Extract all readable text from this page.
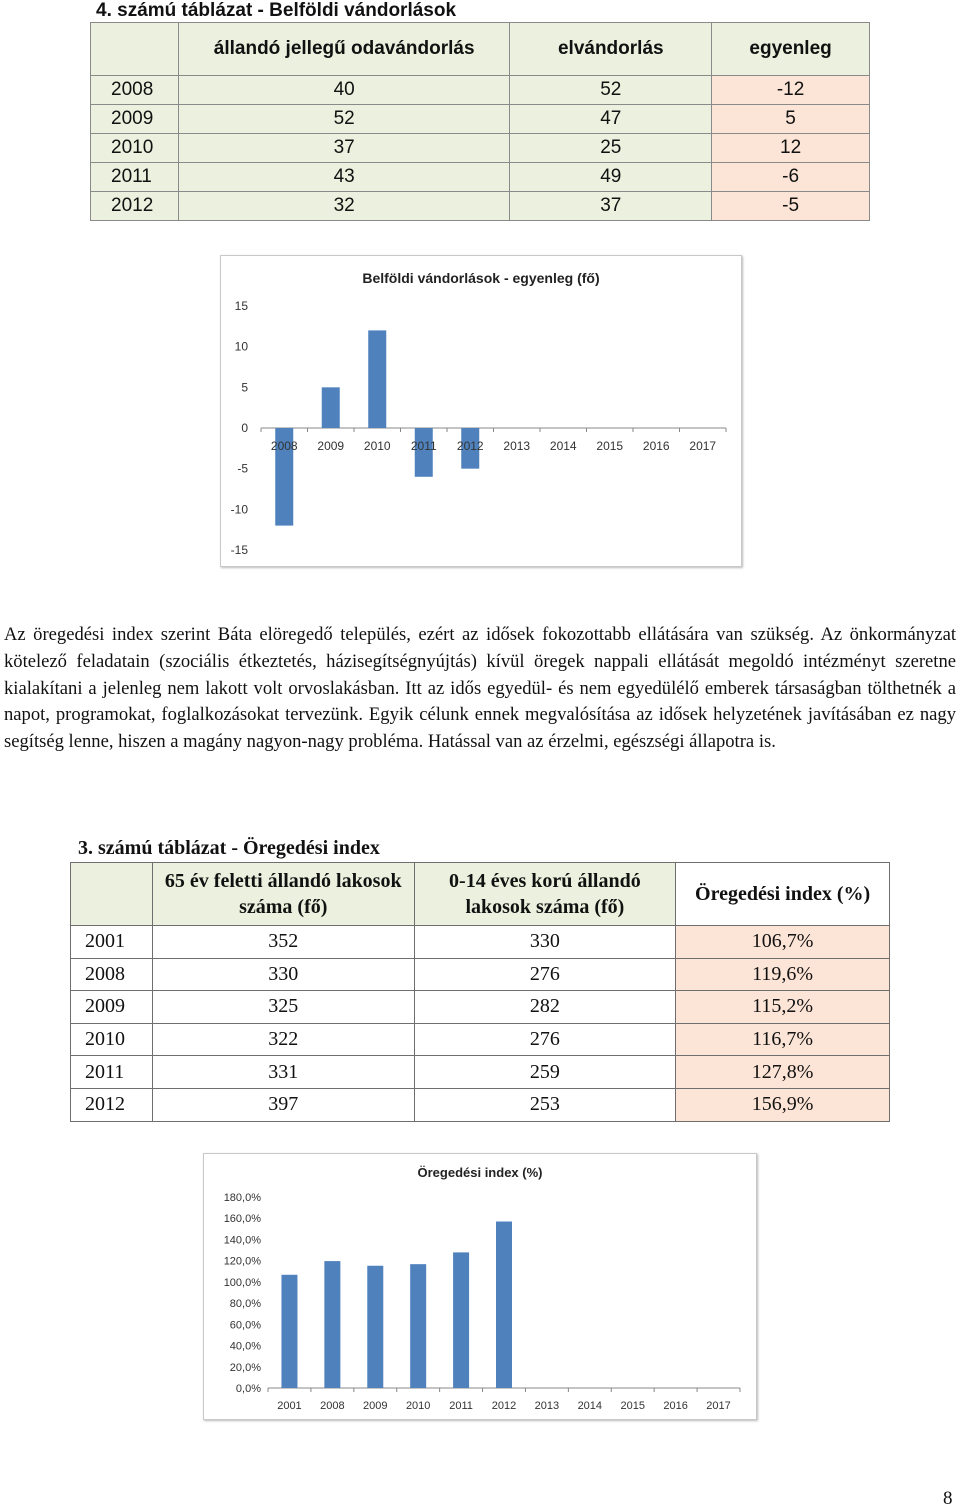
4. számú táblázat - Belföldi vándorlások
	állandó jellegű odavándorlás	elvándorlás	egyenleg
2008	40	52	-12
2009	52	47	5
2010	37	25	12
2011	43	49	-6
2012	32	37	-5
Belföldi vándorlások - egyenleg (fő)
15
10
5
0
-5
-10
-15
2008 2009 2010 2011 2012 2013 2014 2015 2016 2017
Az öregedési index szerint Báta elöregedő település, ezért az idősek fokozottabb ellátására van szükség. Az önkormányzat kötelező feladatain (szociális étkeztetés, házisegítségnyújtás) kívül öregek nappali ellátását megoldó intézményt szeretne kialakítani a jelenleg nem lakott volt orvoslakásban. Itt az idős egyedül- és nem egyedülélő emberek társaságban tölthetnék a napot, programokat, foglalkozásokat tervezünk. Egyik célunk ennek megvalósítása az idősek helyzetének javításában ez nagy segítség lenne, hiszen a magány nagyon-nagy probléma. Hatással van az érzelmi, egészségi állapotra is.
3. számú táblázat - Öregedési index
	65 év feletti állandó lakosok száma (fő)	0-14 éves korú állandó lakosok száma (fő)	Öregedési index (%)
2001	352	330	106,7%
2008	330	276	119,6%
2009	325	282	115,2%
2010	322	276	116,7%
2011	331	259	127,8%
2012	397	253	156,9%
Öregedési index (%)
180,0%
160,0%
140,0%
120,0%
100,0%
80,0%
60,0%
40,0%
20,0%
0,0%
2001 2008 2009 2010 2011 2012 2013 2014 2015 2016 2017
8
